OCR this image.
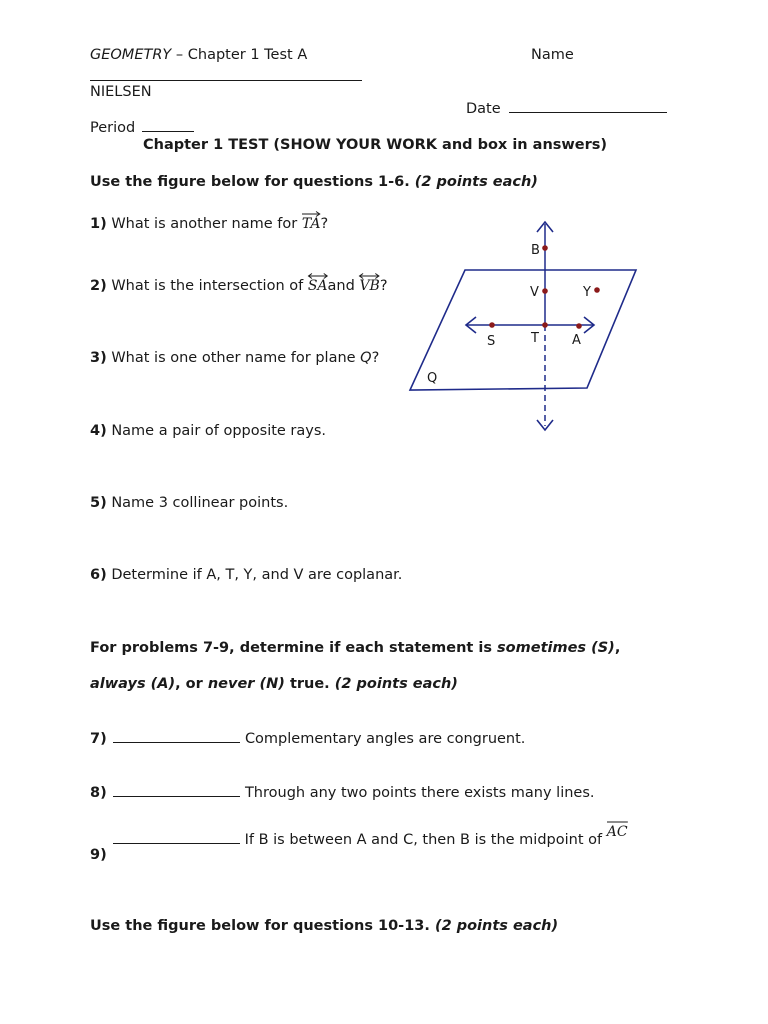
GEOMETRY – Chapter 1 Test A	Name
NIELSEN
Date
Period
Chapter 1 TEST (SHOW YOUR WORK and box in answers)
Use the figure below for questions 1-6. (2 points each)
1) What is another name for TA?
2) What is the intersection of SAand VB?
3) What is one other name for plane Q?
4) Name a pair of opposite rays.
5) Name 3 collinear points.
6) Determine if A, T, Y, and V are coplanar.
For problems 7-9, determine if each statement is sometimes (S),
always (A), or never (N) true. (2 points each)
7)	Complementary angles are congruent.
8)	Through any two points there exists many lines.
If B is between A and C, then B is the midpoint of AC
9)
Use the figure below for questions 10-13. (2 points each)
B
V	Y
S	T	A
Q
